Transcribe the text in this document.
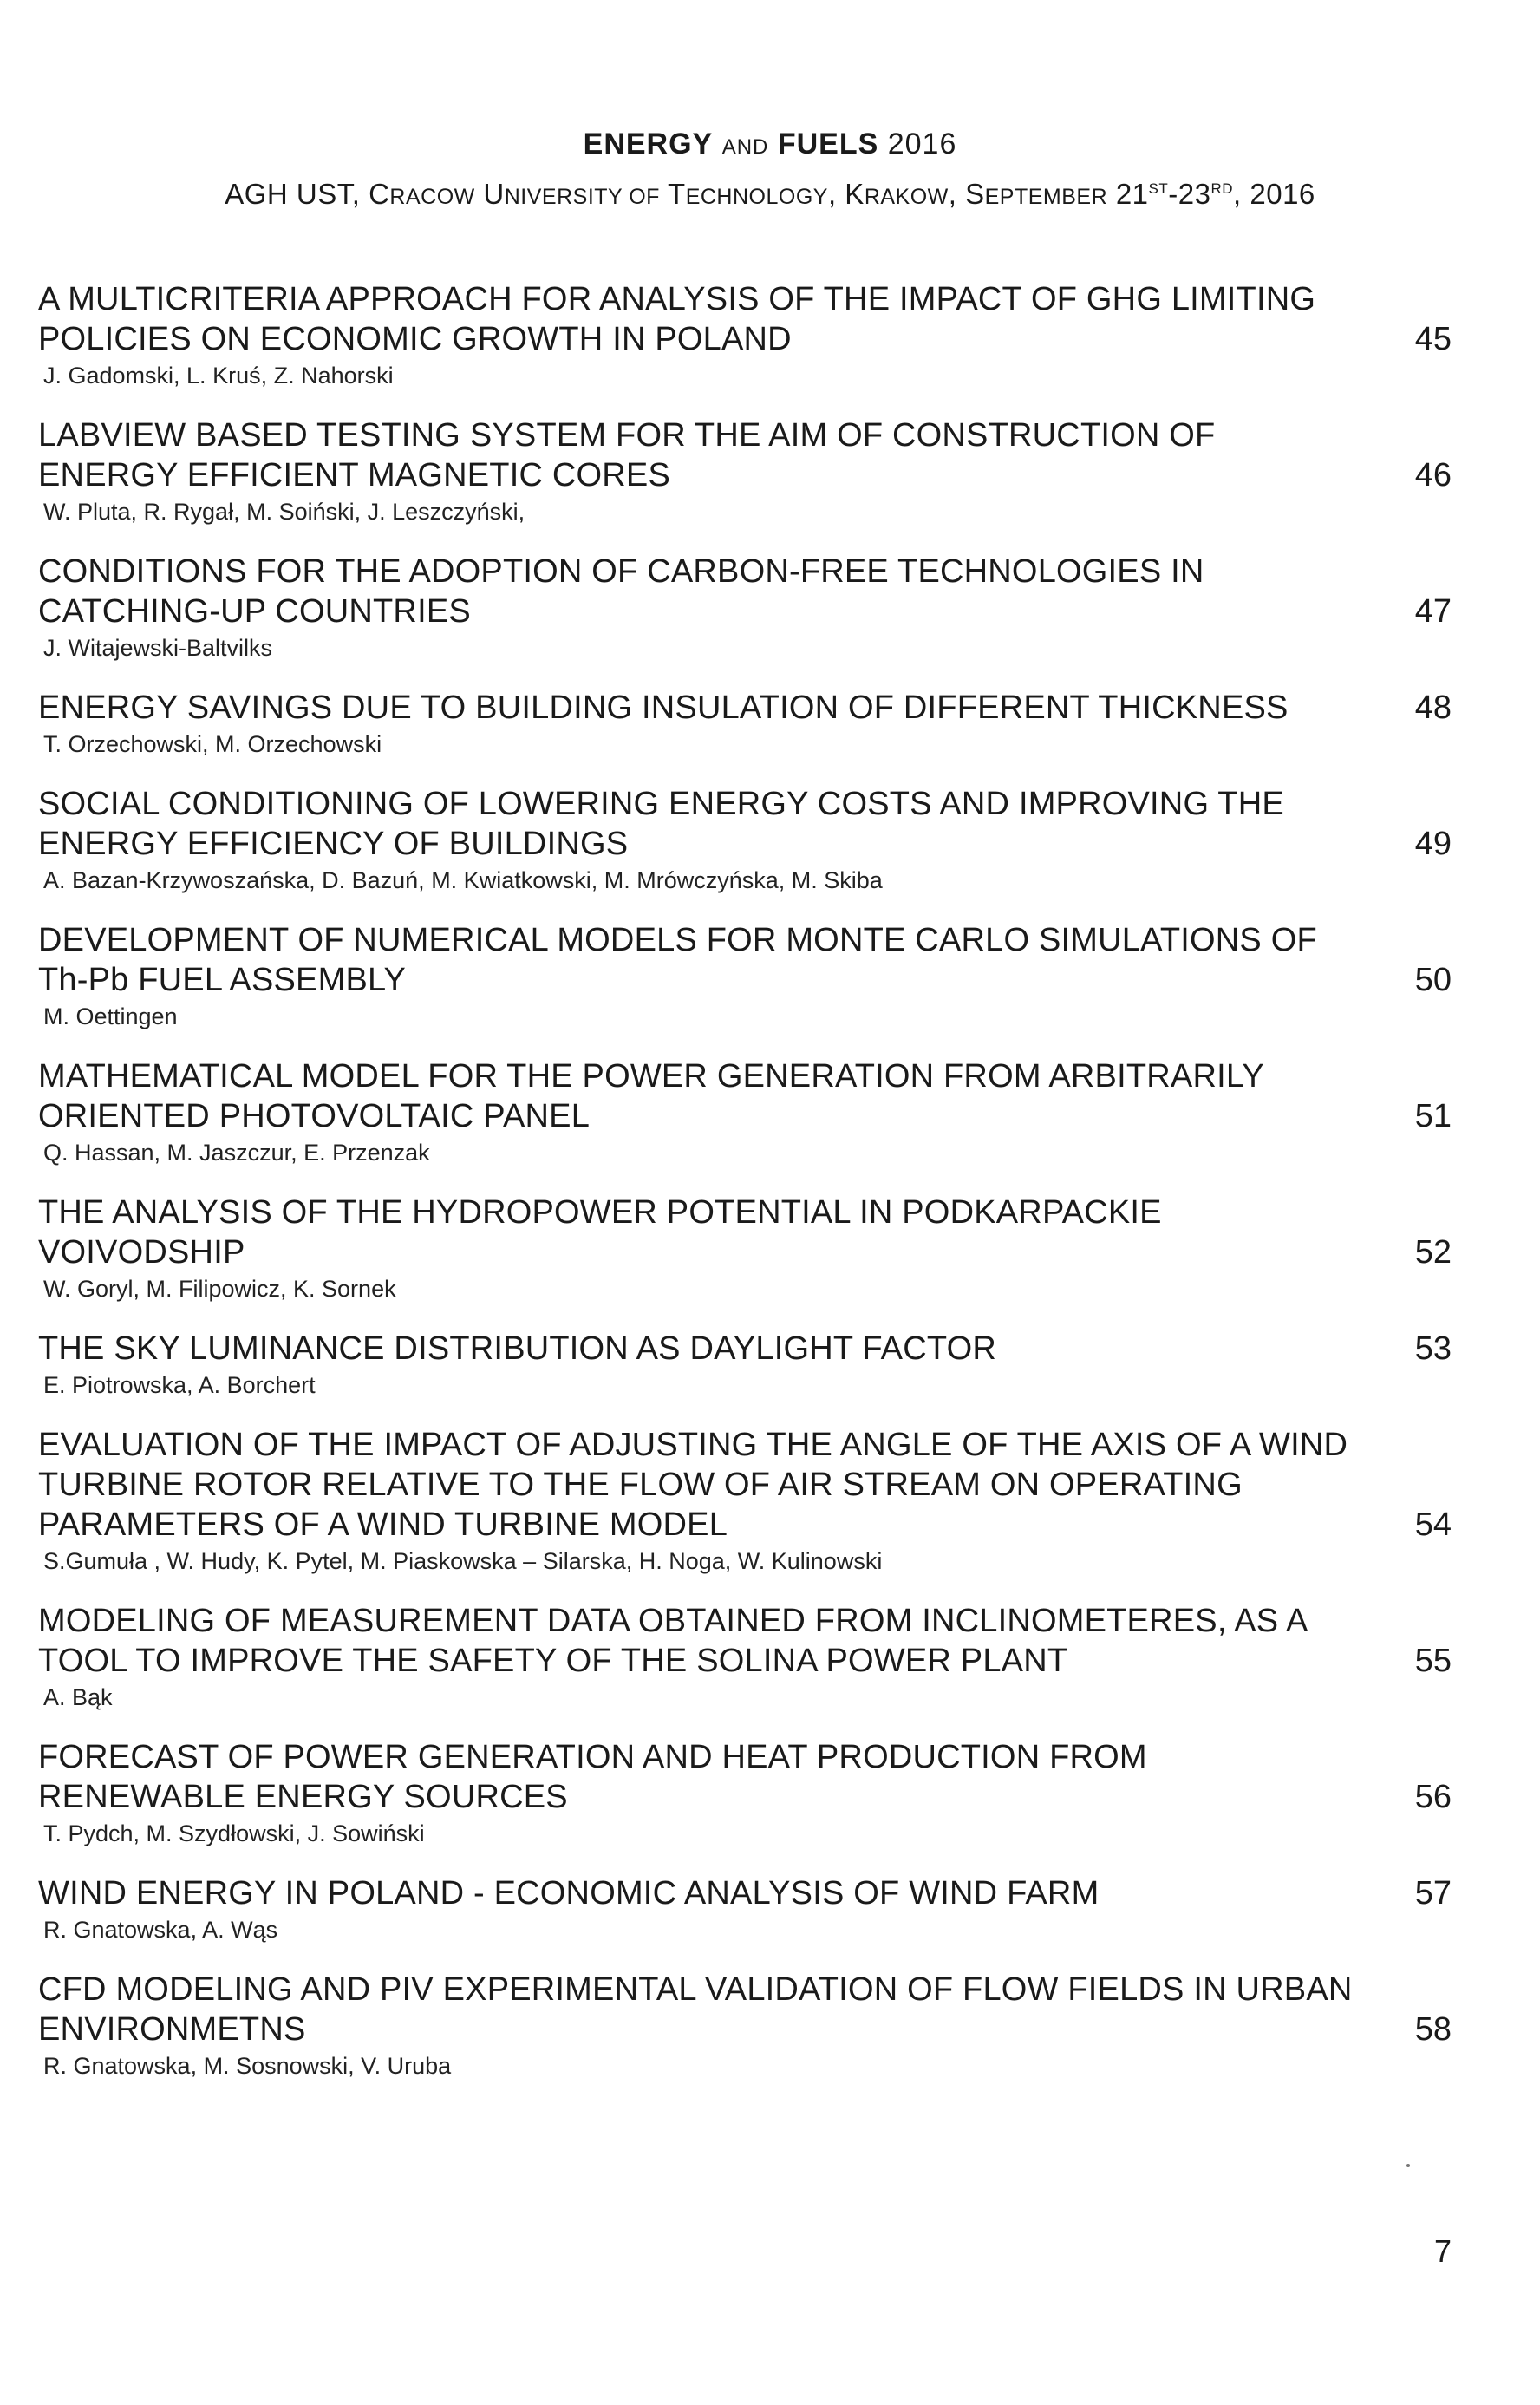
ENERGY AND FUELS 2016
AGH UST, CRACOW UNIVERSITY OF TECHNOLOGY, KRAKOW, SEPTEMBER 21ST-23RD, 2016
A MULTICRITERIA APPROACH FOR ANALYSIS OF THE IMPACT OF GHG LIMITING POLICIES ON ECONOMIC GROWTH IN POLAND	45
J. Gadomski, L. Kruś, Z. Nahorski
LABVIEW BASED TESTING SYSTEM FOR THE AIM OF CONSTRUCTION OF ENERGY EFFICIENT MAGNETIC CORES	46
W. Pluta, R. Rygał, M. Soiński, J. Leszczyński,
CONDITIONS FOR THE ADOPTION OF CARBON-FREE TECHNOLOGIES IN CATCHING-UP COUNTRIES	47
J. Witajewski-Baltvilks
ENERGY SAVINGS DUE TO BUILDING INSULATION OF DIFFERENT THICKNESS	48
T. Orzechowski, M. Orzechowski
SOCIAL CONDITIONING OF LOWERING ENERGY COSTS AND IMPROVING THE ENERGY EFFICIENCY OF BUILDINGS	49
A. Bazan-Krzywoszańska, D. Bazuń, M. Kwiatkowski, M. Mrówczyńska, M. Skiba
DEVELOPMENT OF NUMERICAL MODELS FOR MONTE CARLO SIMULATIONS OF Th-Pb FUEL ASSEMBLY	50
M. Oettingen
MATHEMATICAL MODEL FOR THE POWER GENERATION FROM ARBITRARILY ORIENTED PHOTOVOLTAIC PANEL	51
Q. Hassan, M. Jaszczur, E. Przenzak
THE ANALYSIS OF THE HYDROPOWER POTENTIAL IN PODKARPACKIE VOIVODSHIP	52
W. Goryl, M. Filipowicz, K. Sornek
THE SKY LUMINANCE DISTRIBUTION AS DAYLIGHT FACTOR	53
E. Piotrowska, A. Borchert
EVALUATION OF THE IMPACT OF ADJUSTING THE ANGLE OF THE AXIS OF A WIND TURBINE ROTOR RELATIVE TO THE FLOW OF AIR STREAM ON OPERATING PARAMETERS OF A WIND TURBINE MODEL	54
S.Gumuła , W. Hudy, K. Pytel, M. Piaskowska – Silarska, H. Noga, W. Kulinowski
MODELING OF MEASUREMENT DATA OBTAINED FROM INCLINOMETERES, AS A TOOL TO IMPROVE THE SAFETY OF THE SOLINA POWER PLANT	55
A. Bąk
FORECAST OF POWER GENERATION AND HEAT PRODUCTION FROM RENEWABLE ENERGY SOURCES	56
T. Pydch, M. Szydłowski, J. Sowiński
WIND ENERGY IN POLAND - ECONOMIC ANALYSIS OF WIND FARM	57
R. Gnatowska, A. Wąs
CFD MODELING AND PIV EXPERIMENTAL VALIDATION OF FLOW FIELDS IN URBAN ENVIRONMETNS	58
R. Gnatowska, M. Sosnowski, V. Uruba
7
